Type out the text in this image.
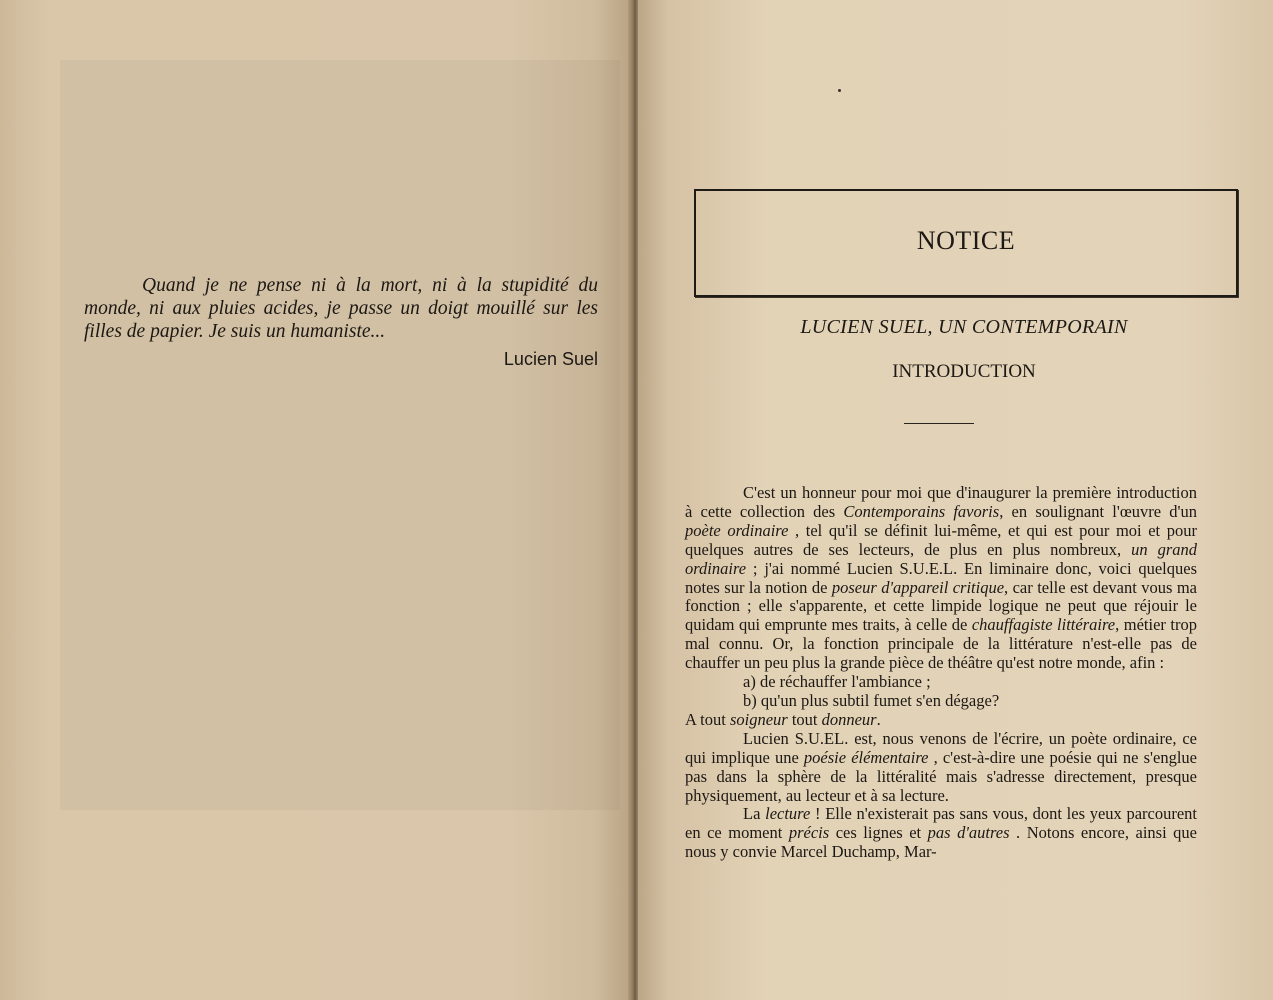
Quand je ne pense ni à la mort, ni à la stupidité du monde, ni aux pluies acides, je passe un doigt mouillé sur les filles de papier. Je suis un humaniste...

Lucien Suel
NOTICE
LUCIEN SUEL, UN CONTEMPORAIN
INTRODUCTION

C'est un honneur pour moi que d'inaugurer la première introduction à cette collection des Contemporains favoris, en soulignant l'œuvre d'un poète ordinaire , tel qu'il se définit lui-même, et qui est pour moi et pour quelques autres de ses lecteurs, de plus en plus nombreux, un grand ordinaire ; j'ai nommé Lucien S.U.E.L. En liminaire donc, voici quelques notes sur la notion de poseur d'appareil critique, car telle est devant vous ma fonction ; elle s'apparente, et cette limpide logique ne peut que réjouir le quidam qui emprunte mes traits, à celle de chauffagiste littéraire, métier trop mal connu. Or, la fonction principale de la littérature n'est-elle pas de chauffer un peu plus la grande pièce de théâtre qu'est notre monde, afin :

a) de réchauffer l'ambiance ;

b) qu'un plus subtil fumet s'en dégage?

A tout soigneur tout donneur.

Lucien S.U.EL. est, nous venons de l'écrire, un poète ordinaire, ce qui implique une poésie élémentaire , c'est-à-dire une poésie qui ne s'englue pas dans la sphère de la littéralité mais s'adresse directement, presque physiquement, au lecteur et à sa lecture.

La lecture ! Elle n'existerait pas sans vous, dont les yeux parcourent en ce moment précis ces lignes et pas d'autres . Notons encore, ainsi que nous y convie Marcel Duchamp, Mar-
